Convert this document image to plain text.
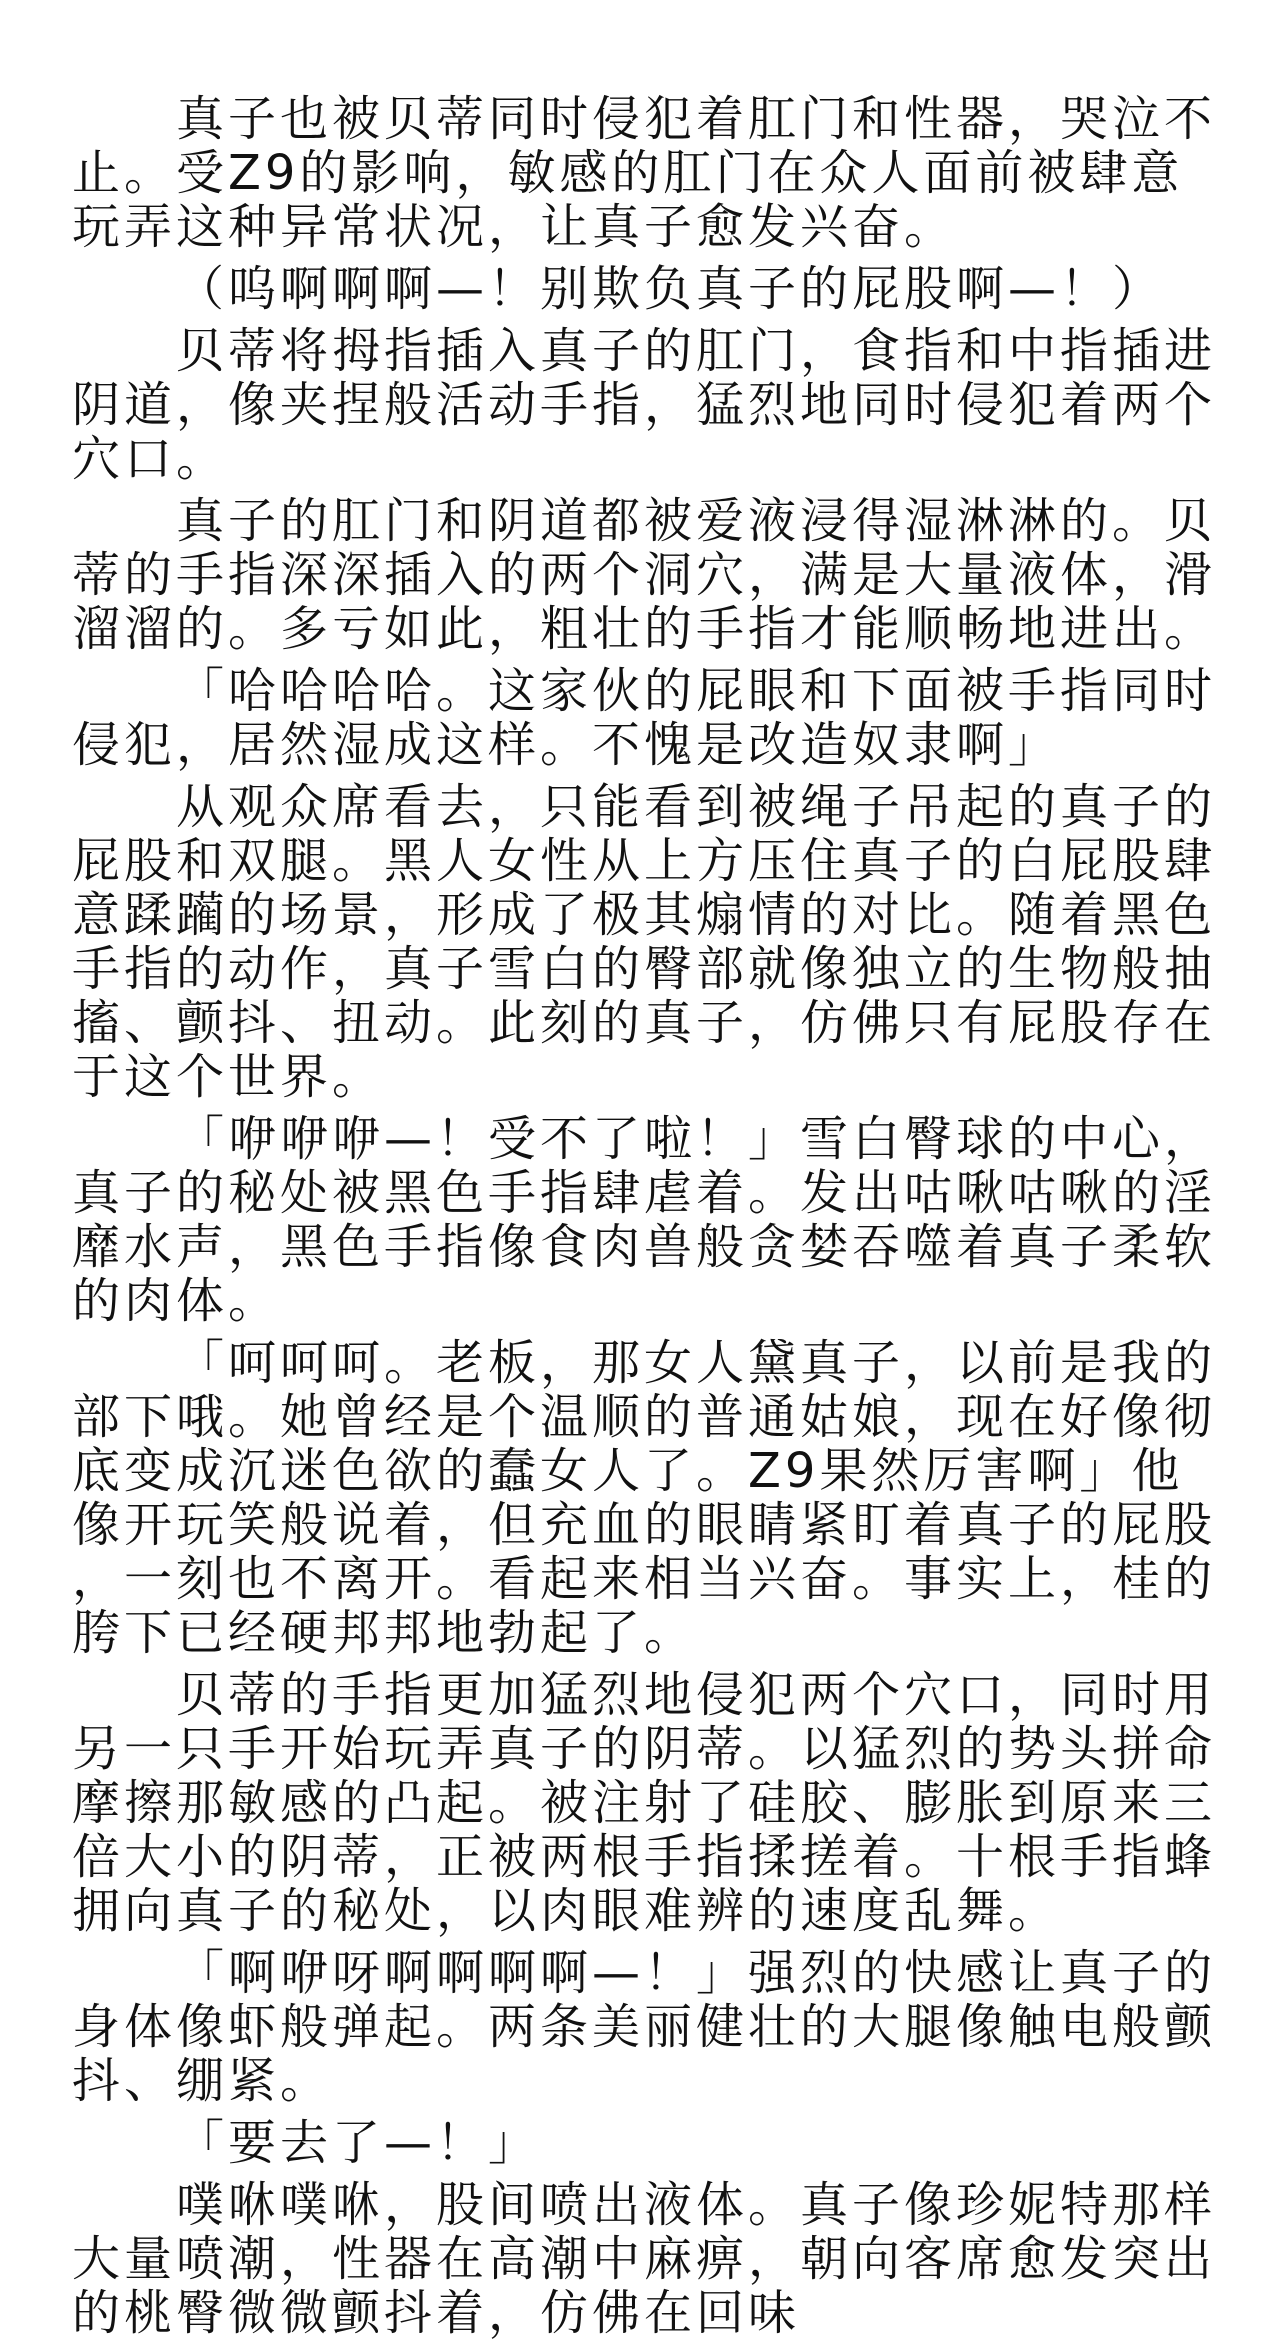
真子也被贝蒂同时侵犯着肛门和性器，哭泣不止。受Z9的影响，敏感的肛门在众人面前被肆意玩弄这种异常状况，让真子愈发兴奋。

（呜啊啊啊—！别欺负真子的屁股啊—！）

贝蒂将拇指插入真子的肛门，食指和中指插进阴道，像夹捏般活动手指，猛烈地同时侵犯着两个穴口。

真子的肛门和阴道都被爱液浸得湿淋淋的。贝蒂的手指深深插入的两个洞穴，满是大量液体，滑溜溜的。多亏如此，粗壮的手指才能顺畅地进出。

「哈哈哈哈。这家伙的屁眼和下面被手指同时侵犯，居然湿成这样。不愧是改造奴隶啊」

从观众席看去，只能看到被绳子吊起的真子的屁股和双腿。黑人女性从上方压住真子的白屁股肆意蹂躏的场景，形成了极其煽情的对比。随着黑色手指的动作，真子雪白的臀部就像独立的生物般抽搐、颤抖、扭动。此刻的真子，仿佛只有屁股存在于这个世界。

「咿咿咿—！受不了啦！」雪白臀球的中心，真子的秘处被黑色手指肆虐着。发出咕啾咕啾的淫靡水声，黑色手指像食肉兽般贪婪吞噬着真子柔软的肉体。

「呵呵呵。老板，那女人黛真子，以前是我的部下哦。她曾经是个温顺的普通姑娘，现在好像彻底变成沉迷色欲的蠢女人了。Z9果然厉害啊」他像开玩笑般说着，但充血的眼睛紧盯着真子的屁股，一刻也不离开。看起来相当兴奋。事实上，桂的胯下已经硬邦邦地勃起了。

贝蒂的手指更加猛烈地侵犯两个穴口，同时用另一只手开始玩弄真子的阴蒂。以猛烈的势头拼命摩擦那敏感的凸起。被注射了硅胶、膨胀到原来三倍大小的阴蒂，正被两根手指揉搓着。十根手指蜂拥向真子的秘处，以肉眼难辨的速度乱舞。

「啊咿呀啊啊啊啊—！」强烈的快感让真子的身体像虾般弹起。两条美丽健壮的大腿像触电般颤抖、绷紧。

「要去了—！」

噗咻噗咻，股间喷出液体。真子像珍妮特那样大量喷潮，性器在高潮中麻痹，朝向客席愈发突出的桃臀微微颤抖着，仿佛在回味
